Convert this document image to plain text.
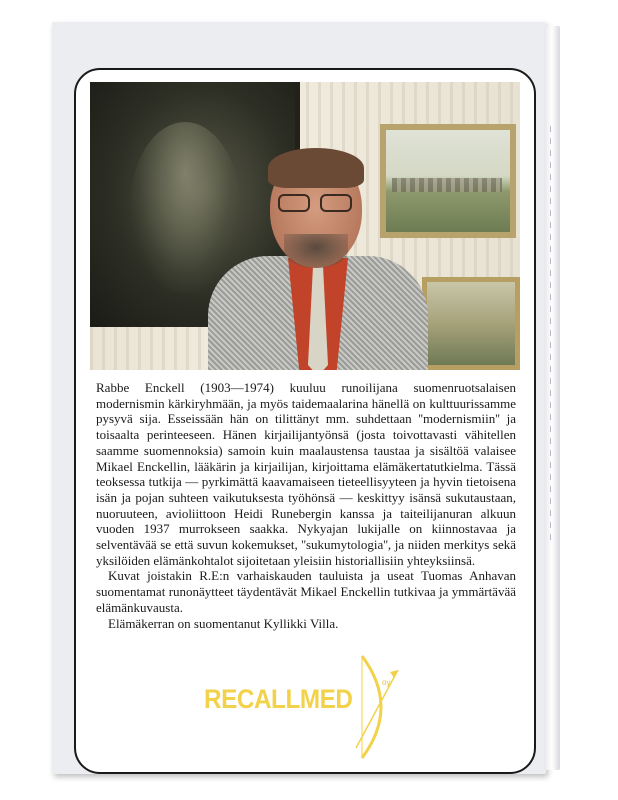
Rabbe Enckell (1903—1974) kuuluu runoilijana suomenruotsalaisen modernismin kärkiryhmään, ja myös taidemaalarina hänellä on kulttuurissamme pysyvä sija. Esseissään hän on tilittänyt mm. suhdettaan ''modernismiin'' ja toisaalta perinteeseen. Hänen kirjailijantyönsä (josta toivottavasti vähitellen saamme suomennoksia) samoin kuin maalaustensa taustaa ja sisältöä valaisee Mikael Enckellin, lääkärin ja kirjailijan, kirjoittama elämäkertatutkielma. Tässä teoksessa tutkija — pyrkimättä kaavamaiseen tieteellisyyteen ja hyvin tietoisena isän ja pojan suhteen vaikutuksesta työhönsä — keskittyy isänsä sukutaustaan, nuoruuteen, avioliittoon Heidi Runebergin kanssa ja taiteilijanuran alkuun vuoden 1937 murrokseen saakka. Nykyajan lukijalle on kiinnostavaa ja selventävää se että suvun kokemukset, ''sukumytologia'', ja niiden merkitys sekä yksilöiden elämänkohtalot sijoitetaan yleisiin historiallisiin yhteyksiinsä.

Kuvat joistakin R.E:n varhaiskauden tauluista ja useat Tuomas Anhavan suomentamat runonäytteet täydentävät Mikael Enckellin tutkivaa ja ymmärtävää elämänkuvausta.

Elämäkerran on suomentanut Kyllikki Villa.

RECALLMED
oy
